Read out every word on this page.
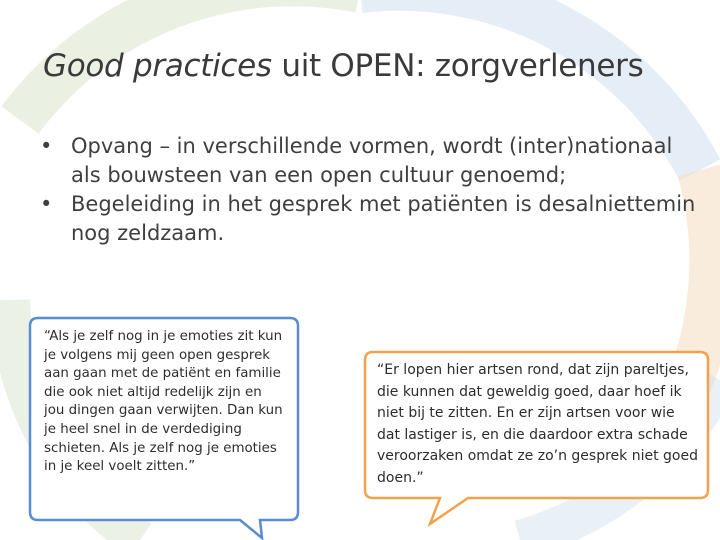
Good practices uit OPEN: zorgverleners
• Opvang – in verschillende vormen, wordt (inter)nationaal als bouwsteen van een open cultuur genoemd;
• Begeleiding in het gesprek met patiënten is desalniettemin nog zeldzaam.
“Als je zelf nog in je emoties zit kun je volgens mij geen open gesprek aan gaan met de patiënt en familie die ook niet altijd redelijk zijn en jou dingen gaan verwijten. Dan kun je heel snel in de verdediging schieten. Als je zelf nog je emoties in je keel voelt zitten.”
“Er lopen hier artsen rond, dat zijn pareltjes, die kunnen dat geweldig goed, daar hoef ik niet bij te zitten. En er zijn artsen voor wie dat lastiger is, en die daardoor extra schade veroorzaken omdat ze zo’n gesprek niet goed doen.”
